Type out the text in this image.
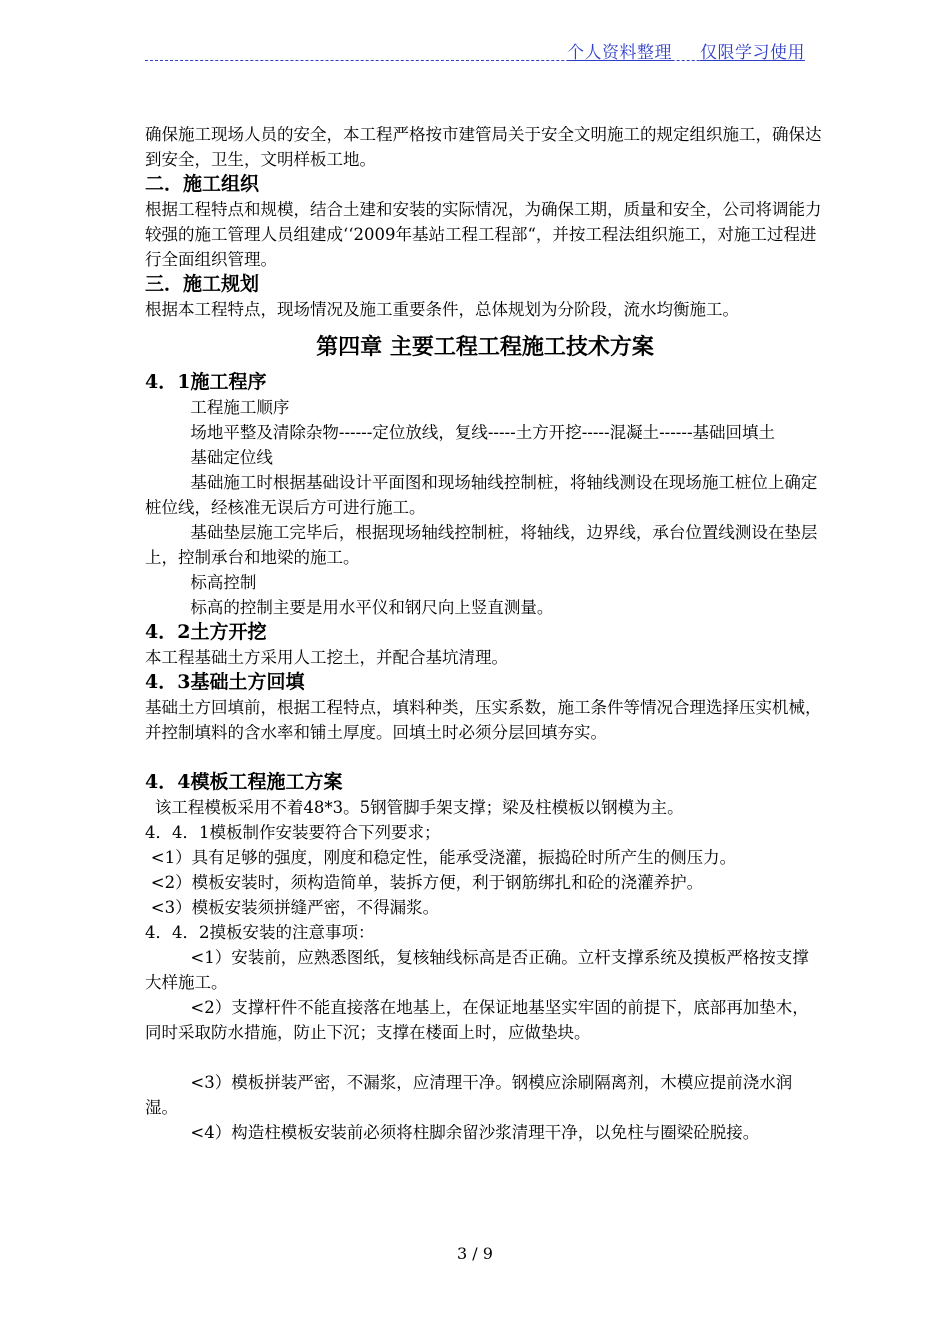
个人资料整理 仅限学习使用

确保施工现场人员的安全，本工程严格按市建管局关于安全文明施工的规定组织施工，确保达到安全，卫生，文明样板工地。

二．施工组织

根据工程特点和规模，结合土建和安装的实际情况，为确保工期，质量和安全，公司将调能力较强的施工管理人员组建成‘‘2009年基站工程工程部“，并按工程法组织施工，对施工过程进行全面组织管理。

三．施工规划

根据本工程特点，现场情况及施工重要条件，总体规划为分阶段，流水均衡施工。

第四章 主要工程工程施工技术方案

4．1施工程序

工程施工顺序

场地平整及清除杂物------定位放线，复线-----土方开挖-----混凝土------基础回填土

基础定位线

基础施工时根据基础设计平面图和现场轴线控制桩，将轴线测设在现场施工桩位上确定桩位线，经核准无误后方可进行施工。

基础垫层施工完毕后，根据现场轴线控制桩，将轴线，边界线，承台位置线测设在垫层上，控制承台和地梁的施工。

标高控制

标高的控制主要是用水平仪和钢尺向上竖直测量。

4．2土方开挖

本工程基础土方采用人工挖土，并配合基坑清理。

4．3基础土方回填

基础土方回填前，根据工程特点，填料种类，压实系数，施工条件等情况合理选择压实机械，并控制填料的含水率和铺土厚度。回填土时必须分层回填夯实。

4．4模板工程施工方案

该工程模板采用不着48*3。5钢管脚手架支撑；梁及柱模板以钢模为主。

4．4．1模板制作安装要符合下列要求；

<1）具有足够的强度，刚度和稳定性，能承受浇灌，振捣砼时所产生的侧压力。

<2）模板安装时，须构造简单，装拆方便，利于钢筋绑扎和砼的浇灌养护。

<3）模板安装须拼缝严密，不得漏浆。

4．4．2摸板安装的注意事项：

<1）安装前，应熟悉图纸，复核轴线标高是否正确。立杆支撑系统及摸板严格按支撑大样施工。

<2）支撑杆件不能直接落在地基上，在保证地基坚实牢固的前提下，底部再加垫木，同时采取防水措施，防止下沉；支撑在楼面上时，应做垫块。

<3）模板拼装严密，不漏浆，应清理干净。钢模应涂刷隔离剂，木模应提前浇水润湿。

<4）构造柱模板安装前必须将柱脚余留沙浆清理干净，以免柱与圈梁砼脱接。

3 / 9
